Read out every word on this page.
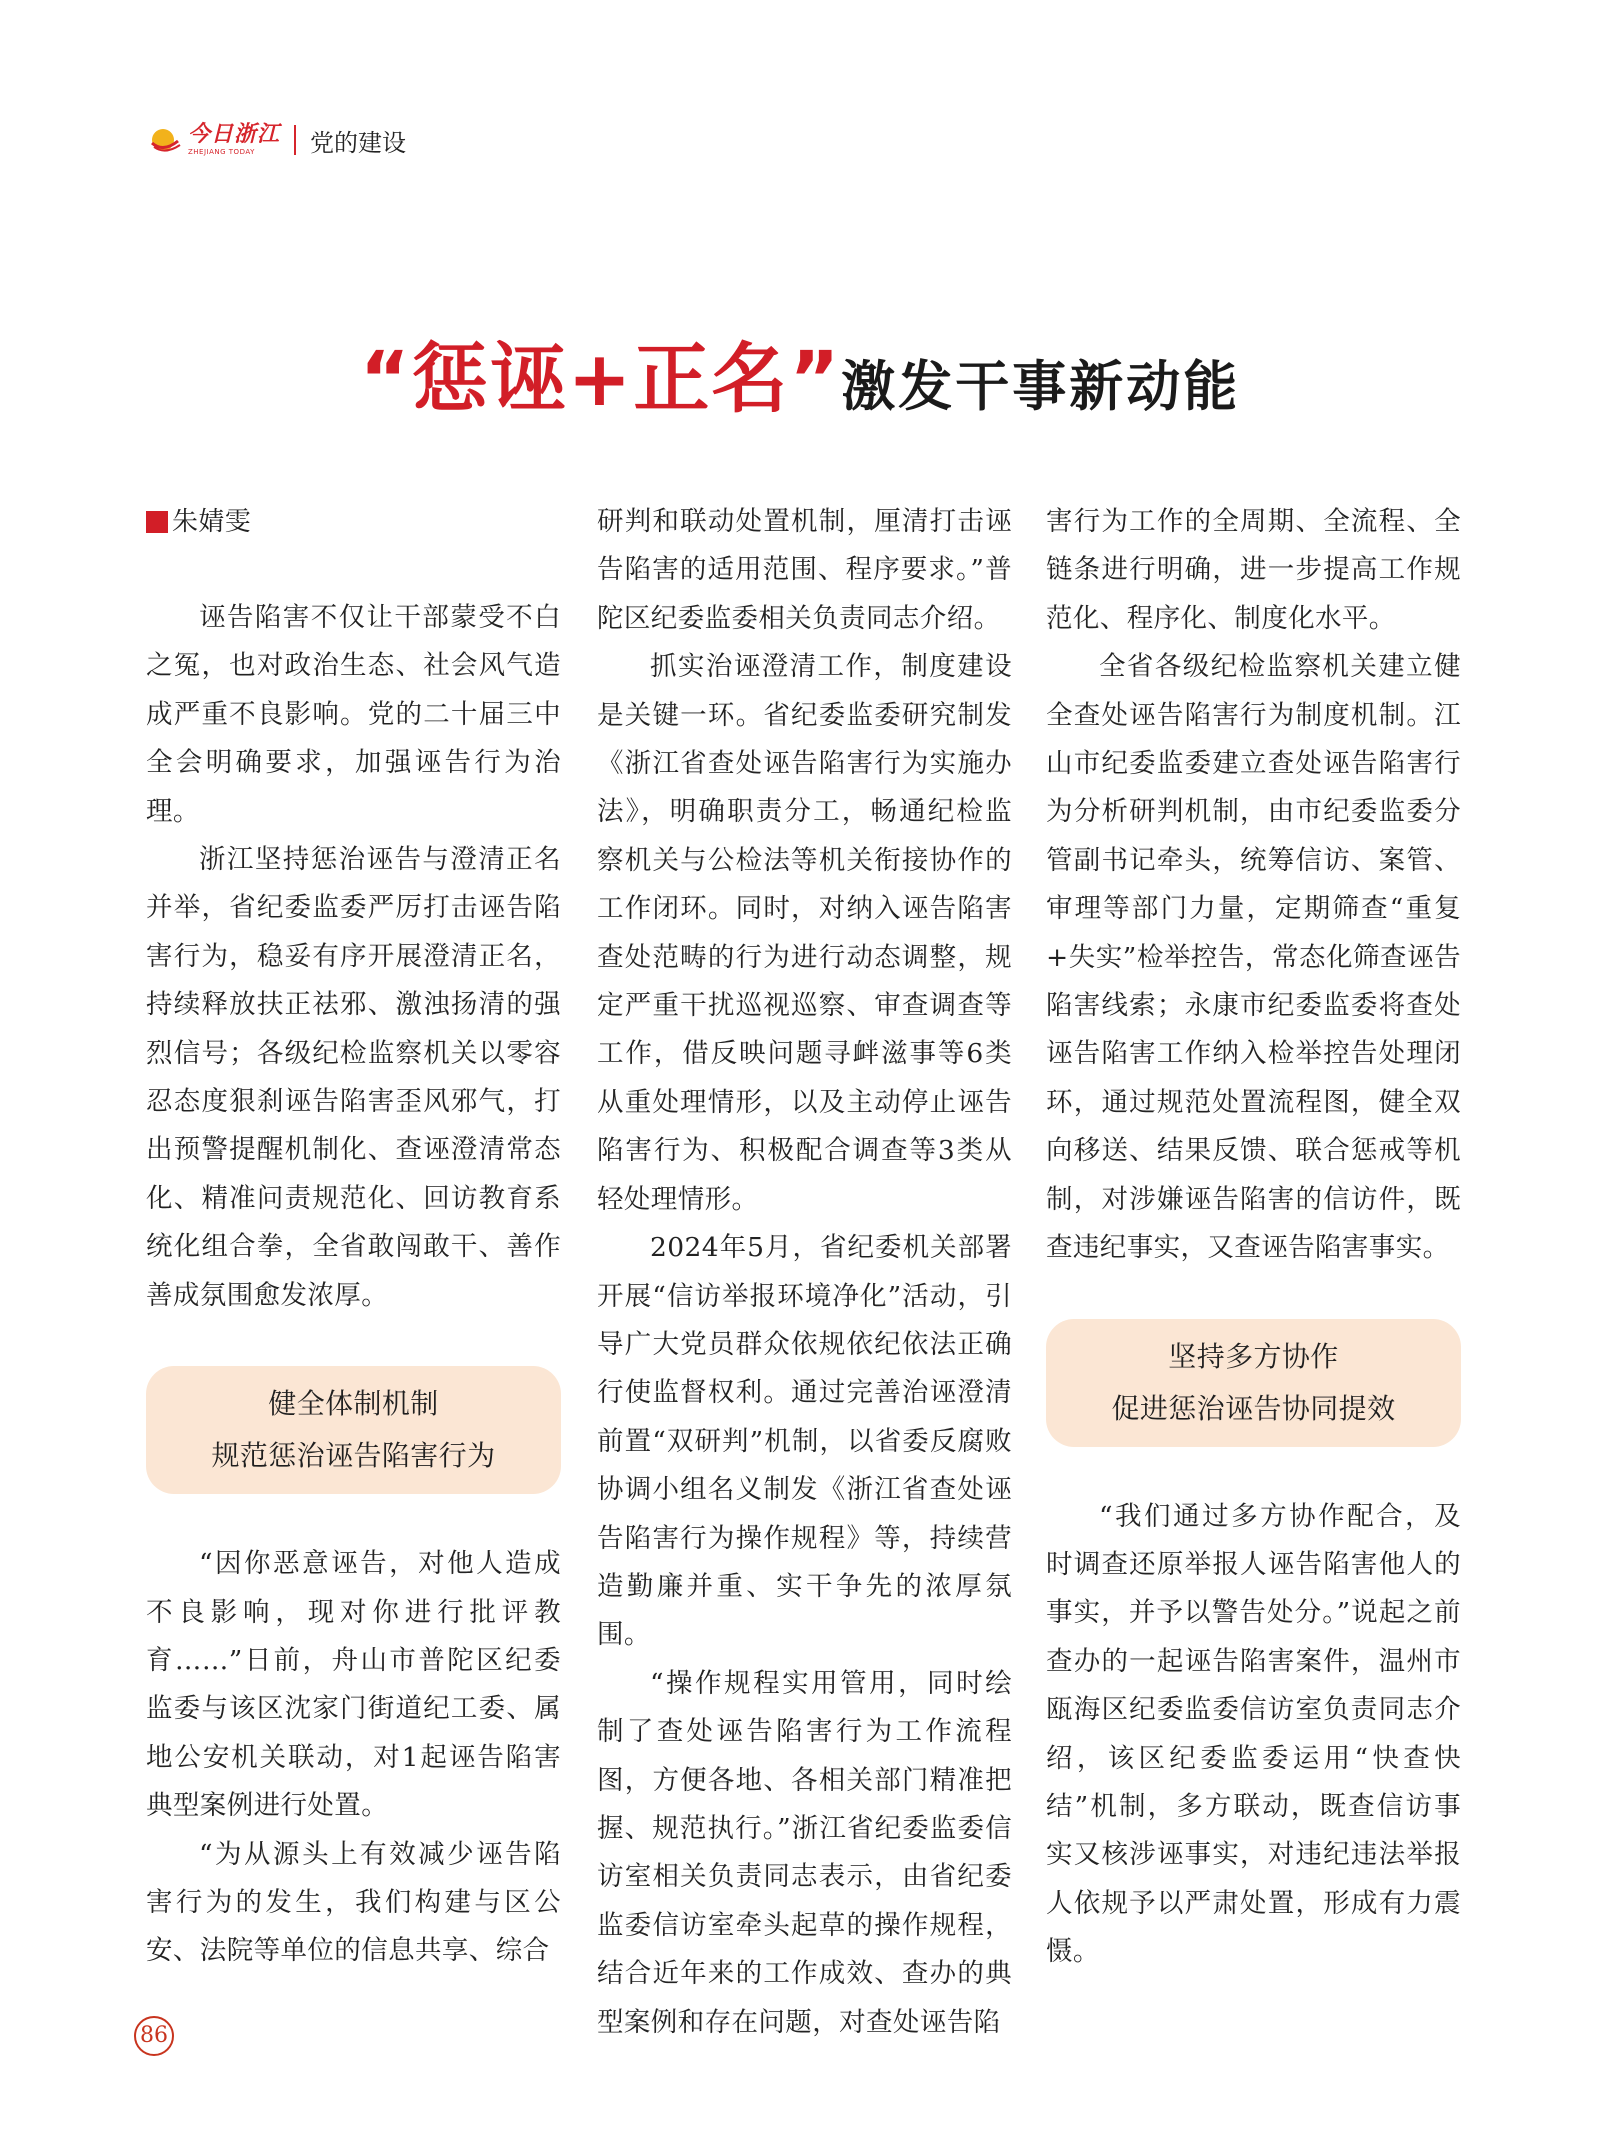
今日浙江
ZHEJIANG TODAY	党的建设
“惩诬+正名”激发干事新动能
朱婧雯

诬告陷害不仅让干部蒙受不白之冤，也对政治生态、社会风气造成严重不良影响。党的二十届三中全会明确要求，加强诬告行为治理。

浙江坚持惩治诬告与澄清正名并举，省纪委监委严厉打击诬告陷害行为，稳妥有序开展澄清正名，持续释放扶正祛邪、激浊扬清的强烈信号；各级纪检监察机关以零容忍态度狠刹诬告陷害歪风邪气，打出预警提醒机制化、查诬澄清常态化、精准问责规范化、回访教育系统化组合拳，全省敢闯敢干、善作善成氛围愈发浓厚。

健全体制机制
规范惩治诬告陷害行为

“因你恶意诬告，对他人造成不良影响，现对你进行批评教育……”日前，舟山市普陀区纪委监委与该区沈家门街道纪工委、属地公安机关联动，对1起诬告陷害典型案例进行处置。

“为从源头上有效减少诬告陷害行为的发生，我们构建与区公安、法院等单位的信息共享、综合

研判和联动处置机制，厘清打击诬告陷害的适用范围、程序要求。”普陀区纪委监委相关负责同志介绍。

抓实治诬澄清工作，制度建设是关键一环。省纪委监委研究制发《浙江省查处诬告陷害行为实施办法》，明确职责分工，畅通纪检监察机关与公检法等机关衔接协作的工作闭环。同时，对纳入诬告陷害查处范畴的行为进行动态调整，规定严重干扰巡视巡察、审查调查等工作，借反映问题寻衅滋事等6类从重处理情形，以及主动停止诬告陷害行为、积极配合调查等3类从轻处理情形。

2024年5月，省纪委机关部署开展“信访举报环境净化”活动，引导广大党员群众依规依纪依法正确行使监督权利。通过完善治诬澄清前置“双研判”机制，以省委反腐败协调小组名义制发《浙江省查处诬告陷害行为操作规程》等，持续营造勤廉并重、实干争先的浓厚氛围。

“操作规程实用管用，同时绘制了查处诬告陷害行为工作流程图，方便各地、各相关部门精准把握、规范执行。”浙江省纪委监委信访室相关负责同志表示，由省纪委监委信访室牵头起草的操作规程，结合近年来的工作成效、查办的典型案例和存在问题，对查处诬告陷

害行为工作的全周期、全流程、全链条进行明确，进一步提高工作规范化、程序化、制度化水平。

全省各级纪检监察机关建立健全查处诬告陷害行为制度机制。江山市纪委监委建立查处诬告陷害行为分析研判机制，由市纪委监委分管副书记牵头，统筹信访、案管、审理等部门力量，定期筛查“重复+失实”检举控告，常态化筛查诬告陷害线索；永康市纪委监委将查处诬告陷害工作纳入检举控告处理闭环，通过规范处置流程图，健全双向移送、结果反馈、联合惩戒等机制，对涉嫌诬告陷害的信访件，既查违纪事实，又查诬告陷害事实。

坚持多方协作
促进惩治诬告协同提效

“我们通过多方协作配合，及时调查还原举报人诬告陷害他人的事实，并予以警告处分。”说起之前查办的一起诬告陷害案件，温州市瓯海区纪委监委信访室负责同志介绍，该区纪委监委运用“快查快结”机制，多方联动，既查信访事实又核涉诬事实，对违纪违法举报人依规予以严肃处置，形成有力震慑。

86
